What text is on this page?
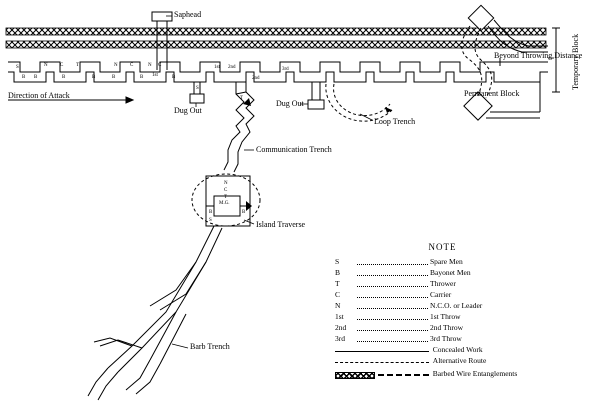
Saphead
Direction of Attack
Dug Out
Dug Out
Loop Trench
Communication Trench
Island Traverse
Barb Trench
Permanent Block
Beyond Throwing Distance
Temporary Block
S	N C	T	N C	N C
B B	B	B	B	B	B
1st
1st 2nd
2nd
3rd
S
T
N
C
T
B	B
S
M.G.
NOTE
S	Spare Men
B	Bayonet Men
T	Thrower
C	Carrier
N	N.C.O. or Leader
1st	1st Throw
2nd	2nd Throw
3rd	3rd Throw
Concealed Work
Alternative Route
Barbed Wire Entanglements
